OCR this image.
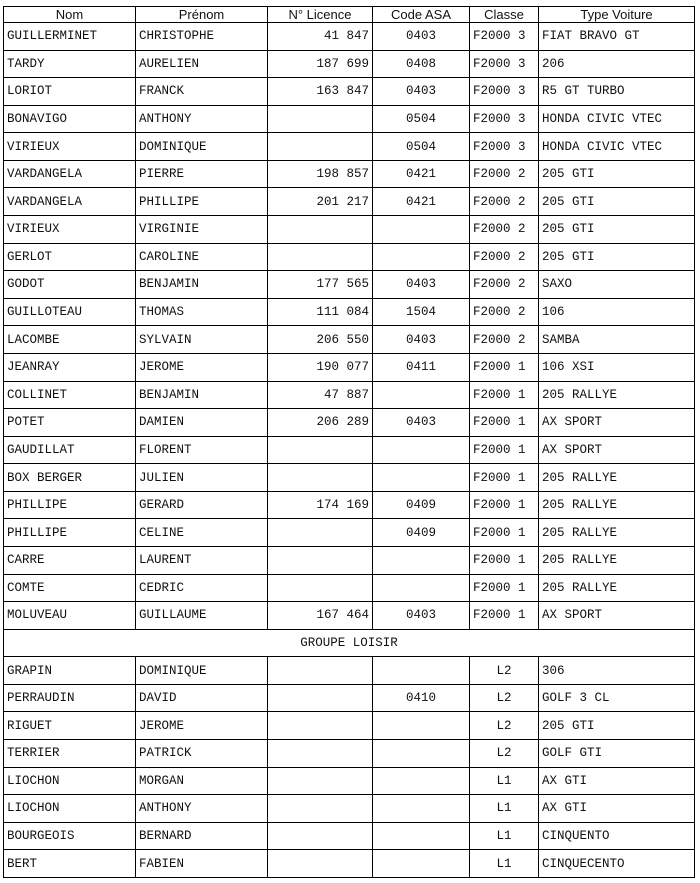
Nom	Prénom	N° Licence	Code ASA	Classe	Type Voiture
GUILLERMINET	CHRISTOPHE	41 847	0403	F2000 3	FIAT BRAVO GT
TARDY	AURELIEN	187 699	0408	F2000 3	206
LORIOT	FRANCK	163 847	0403	F2000 3	R5 GT TURBO
BONAVIGO	ANTHONY		0504	F2000 3	HONDA CIVIC VTEC
VIRIEUX	DOMINIQUE		0504	F2000 3	HONDA CIVIC VTEC
VARDANGELA	PIERRE	198 857	0421	F2000 2	205 GTI
VARDANGELA	PHILLIPE	201 217	0421	F2000 2	205 GTI
VIRIEUX	VIRGINIE			F2000 2	205 GTI
GERLOT	CAROLINE			F2000 2	205 GTI
GODOT	BENJAMIN	177 565	0403	F2000 2	SAXO
GUILLOTEAU	THOMAS	111 084	1504	F2000 2	106
LACOMBE	SYLVAIN	206 550	0403	F2000 2	SAMBA
JEANRAY	JEROME	190 077	0411	F2000 1	106 XSI
COLLINET	BENJAMIN	47 887		F2000 1	205 RALLYE
POTET	DAMIEN	206 289	0403	F2000 1	AX SPORT
GAUDILLAT	FLORENT			F2000 1	AX SPORT
BOX BERGER	JULIEN			F2000 1	205 RALLYE
PHILLIPE	GERARD	174 169	0409	F2000 1	205 RALLYE
PHILLIPE	CELINE		0409	F2000 1	205 RALLYE
CARRE	LAURENT			F2000 1	205 RALLYE
COMTE	CEDRIC			F2000 1	205 RALLYE
MOLUVEAU	GUILLAUME	167 464	0403	F2000 1	AX SPORT
GROUPE LOISIR					
GRAPIN	DOMINIQUE			L2	306
PERRAUDIN	DAVID		0410	L2	GOLF 3 CL
RIGUET	JEROME			L2	205 GTI
TERRIER	PATRICK			L2	GOLF GTI
LIOCHON	MORGAN			L1	AX GTI
LIOCHON	ANTHONY			L1	AX GTI
BOURGEOIS	BERNARD			L1	CINQUENTO
BERT	FABIEN			L1	CINQUECENTO
